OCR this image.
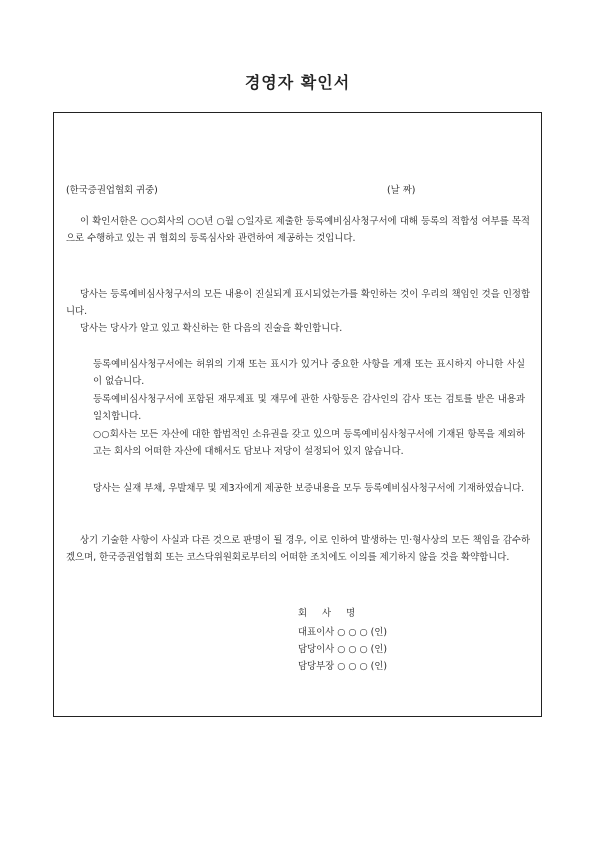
경영자 확인서
(한국증권업협회 귀중)	(날 짜)
이 확인서한은 ○○회사의 ○○년 ○월 ○일자로 제출한 등록예비심사청구서에 대해 등록의 적합성 여부를 목적으로 수행하고 있는 귀 협회의 등록심사와 관련하여 제공하는 것입니다.
당사는 등록예비심사청구서의 모든 내용이 진실되게 표시되었는가를 확인하는 것이 우리의 책임인 것을 인정합니다.
당사는 당사가 알고 있고 확신하는 한 다음의 진술을 확인합니다.
등록예비심사청구서에는 허위의 기재 또는 표시가 있거나 중요한 사항을 게재 또는 표시하지 아니한 사실이 없습니다.
등록예비심사청구서에 포함된 재무제표 및 재무에 관한 사항등은 감사인의 감사 또는 검토를 받은 내용과 일치합니다.
○○회사는 모든 자산에 대한 합법적인 소유권을 갖고 있으며 등록예비심사청구서에 기재된 항목을 제외하고는 회사의 어떠한 자산에 대해서도 담보나 저당이 설정되어 있지 않습니다.
당사는 실재 부채, 우발채무 및 제3자에게 제공한 보증내용을 모두 등록예비심사청구서에 기재하였습니다.
상기 기술한 사항이 사실과 다른 것으로 판명이 될 경우, 이로 인하여 발생하는 민·형사상의 모든 책임을 감수하겠으며, 한국증권업협회 또는 코스닥위원회로부터의 어떠한 조치에도 이의를 제기하지 않을 것을 확약합니다.
회 사 명
대표이사 ○ ○ ○ (인)
담당이사 ○ ○ ○ (인)
담당부장 ○ ○ ○ (인)
